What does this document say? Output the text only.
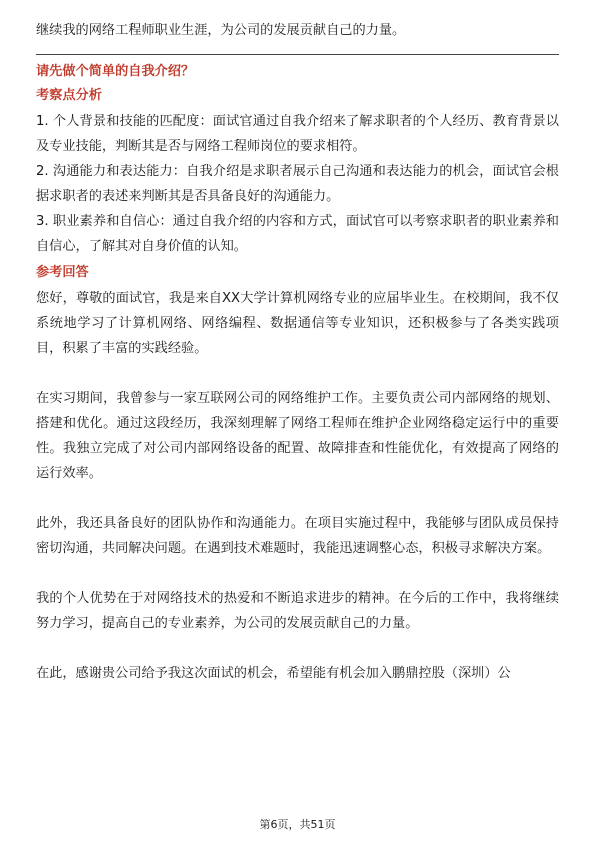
继续我的网络工程师职业生涯，为公司的发展贡献自己的力量。

请先做个简单的自我介绍？

考察点分析

1. 个人背景和技能的匹配度：面试官通过自我介绍来了解求职者的个人经历、教育背景以及专业技能，判断其是否与网络工程师岗位的要求相符。

2. 沟通能力和表达能力：自我介绍是求职者展示自己沟通和表达能力的机会，面试官会根据求职者的表述来判断其是否具备良好的沟通能力。

3. 职业素养和自信心：通过自我介绍的内容和方式，面试官可以考察求职者的职业素养和自信心，了解其对自身价值的认知。

参考回答

您好，尊敬的面试官，我是来自XX大学计算机网络专业的应届毕业生。在校期间，我不仅系统地学习了计算机网络、网络编程、数据通信等专业知识，还积极参与了各类实践项目，积累了丰富的实践经验。

在实习期间，我曾参与一家互联网公司的网络维护工作。主要负责公司内部网络的规划、搭建和优化。通过这段经历，我深刻理解了网络工程师在维护企业网络稳定运行中的重要性。我独立完成了对公司内部网络设备的配置、故障排查和性能优化，有效提高了网络的运行效率。

此外，我还具备良好的团队协作和沟通能力。在项目实施过程中，我能够与团队成员保持密切沟通，共同解决问题。在遇到技术难题时，我能迅速调整心态，积极寻求解决方案。

我的个人优势在于对网络技术的热爱和不断追求进步的精神。在今后的工作中，我将继续努力学习，提高自己的专业素养，为公司的发展贡献自己的力量。

在此，感谢贵公司给予我这次面试的机会，希望能有机会加入鹏鼎控股（深圳）公

第6页，共51页
